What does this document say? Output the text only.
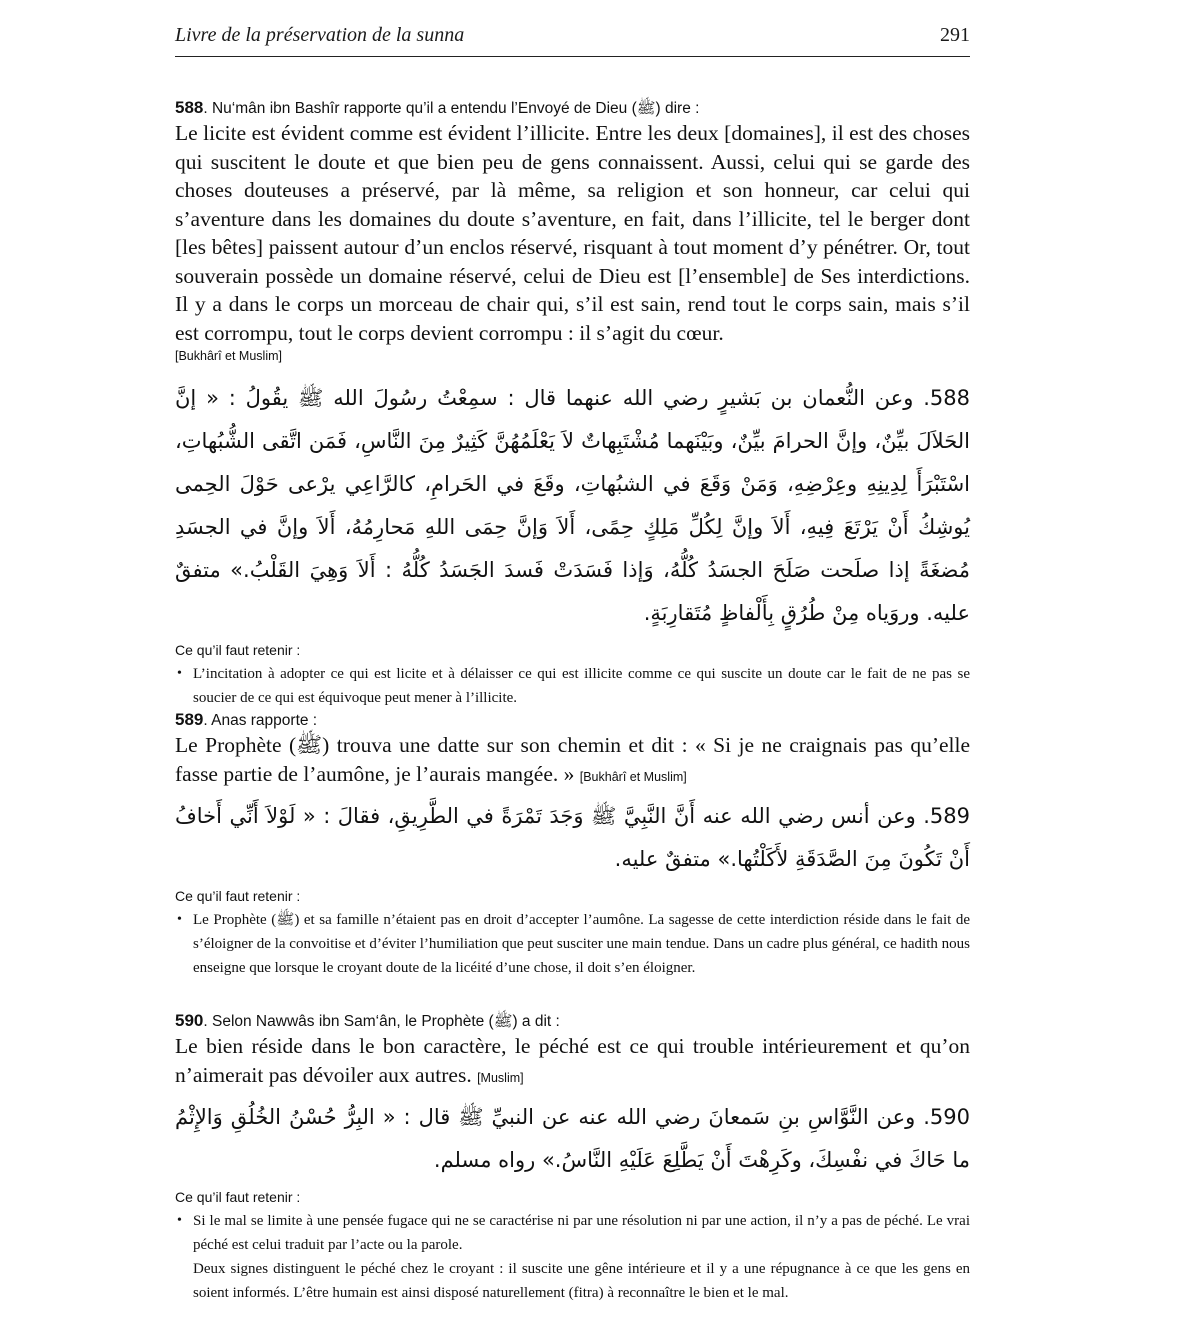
Livre de la préservation de la sunna	291
588. Nu‘mân ibn Bashîr rapporte qu’il a entendu l’Envoyé de Dieu (ﷺ) dire :

Le licite est évident comme est évident l’illicite. Entre les deux [domaines], il est des choses qui suscitent le doute et que bien peu de gens connaissent. Aussi, celui qui se garde des choses douteuses a préservé, par là même, sa religion et son honneur, car celui qui s’aventure dans les domaines du doute s’aventure, en fait, dans l’illicite, tel le berger dont [les bêtes] paissent autour d’un enclos réservé, risquant à tout moment d’y pénétrer. Or, tout souverain possède un domaine réservé, celui de Dieu est [l’ensemble] de Ses interdictions. Il y a dans le corps un morceau de chair qui, s’il est sain, rend tout le corps sain, mais s’il est corrompu, tout le corps devient corrompu : il s’agit du cœur.

[Bukhârî et Muslim]

588. وعن النُّعمان بن بَشيرٍ رضي الله عنهما قال : سمِعْتُ رسُولَ الله ﷺ يقُولُ : « إنَّ الحَلاَلَ بيِّنٌ، وإنَّ الحرامَ بيِّنٌ، وبَيْنَهما مُشْتَبِهاتٌ لاَ يَعْلَمُهُنَّ كَثِيرٌ مِنَ النَّاسِ، فَمَن اتَّقى الشُّبُهاتِ، اسْتَبْرَأَ لِدِينِهِ وعِرْضِهِ، وَمَنْ وَقَعَ في الشبُهاتِ، وقَعَ في الحَرامِ، كالرَّاعِي يرْعى حَوْلَ الحِمى يُوشِكُ أَنْ يَرْتَعَ فِيهِ، أَلاَ وإنَّ لِكُلِّ مَلِكٍ حِمًى، أَلاَ وَإنَّ حِمَى اللهِ مَحارِمُهُ، أَلاَ وإنَّ في الجسَدِ مُضغَةً إذا صلَحت صَلَحَ الجسَدُ كُلُّهُ، وَإذا فَسَدَتْ فَسدَ الجَسَدُ كُلُّهُ : أَلاَ وَهِيَ القَلْبُ.» متفقٌ عليه. وروَياه مِنْ طُرُقٍ بِأَلْفاظٍ مُتَقارِبَةٍ.

Ce qu’il faut retenir :
• L’incitation à adopter ce qui est licite et à délaisser ce qui est illicite comme ce qui suscite un doute car le fait de ne pas se soucier de ce qui est équivoque peut mener à l’illicite.

589. Anas rapporte :

Le Prophète (ﷺ) trouva une datte sur son chemin et dit : « Si je ne craignais pas qu’elle fasse partie de l’aumône, je l’aurais mangée. » [Bukhârî et Muslim]

589. وعن أنس رضي الله عنه أَنَّ النَّبِيَّ ﷺ وَجَدَ تَمْرَةً في الطَّرِيقِ، فقالَ : « لَوْلاَ أَنِّي أَخافُ أَنْ تَكُونَ مِنَ الصَّدَقَةِ لأَكَلْتُها.» متفقٌ عليه.

Ce qu’il faut retenir :
• Le Prophète (ﷺ) et sa famille n’étaient pas en droit d’accepter l’aumône. La sagesse de cette interdiction réside dans le fait de s’éloigner de la convoitise et d’éviter l’humiliation que peut susciter une main tendue. Dans un cadre plus général, ce hadith nous enseigne que lorsque le croyant doute de la licéité d’une chose, il doit s’en éloigner.

590. Selon Nawwâs ibn Sam‘ân, le Prophète (ﷺ) a dit :

Le bien réside dans le bon caractère, le péché est ce qui trouble intérieurement et qu’on n’aimerait pas dévoiler aux autres. [Muslim]

590. وعن النَّوَّاسِ بنِ سَمعانَ رضي الله عنه عن النبيِّ ﷺ قال : « البِرُّ حُسْنُ الخُلُقِ وَالإِثْمُ ما حَاكَ في نفْسِكَ، وكَرِهْتَ أَنْ يَطَّلِعَ عَلَيْهِ النَّاسُ.» رواه مسلم.

Ce qu’il faut retenir :
• Si le mal se limite à une pensée fugace qui ne se caractérise ni par une résolution ni par une action, il n’y a pas de péché. Le vrai péché est celui traduit par l’acte ou la parole.

Deux signes distinguent le péché chez le croyant : il suscite une gêne intérieure et il y a une répugnance à ce que les gens en soient informés. L’être humain est ainsi disposé naturellement (fitra) à reconnaître le bien et le mal.
